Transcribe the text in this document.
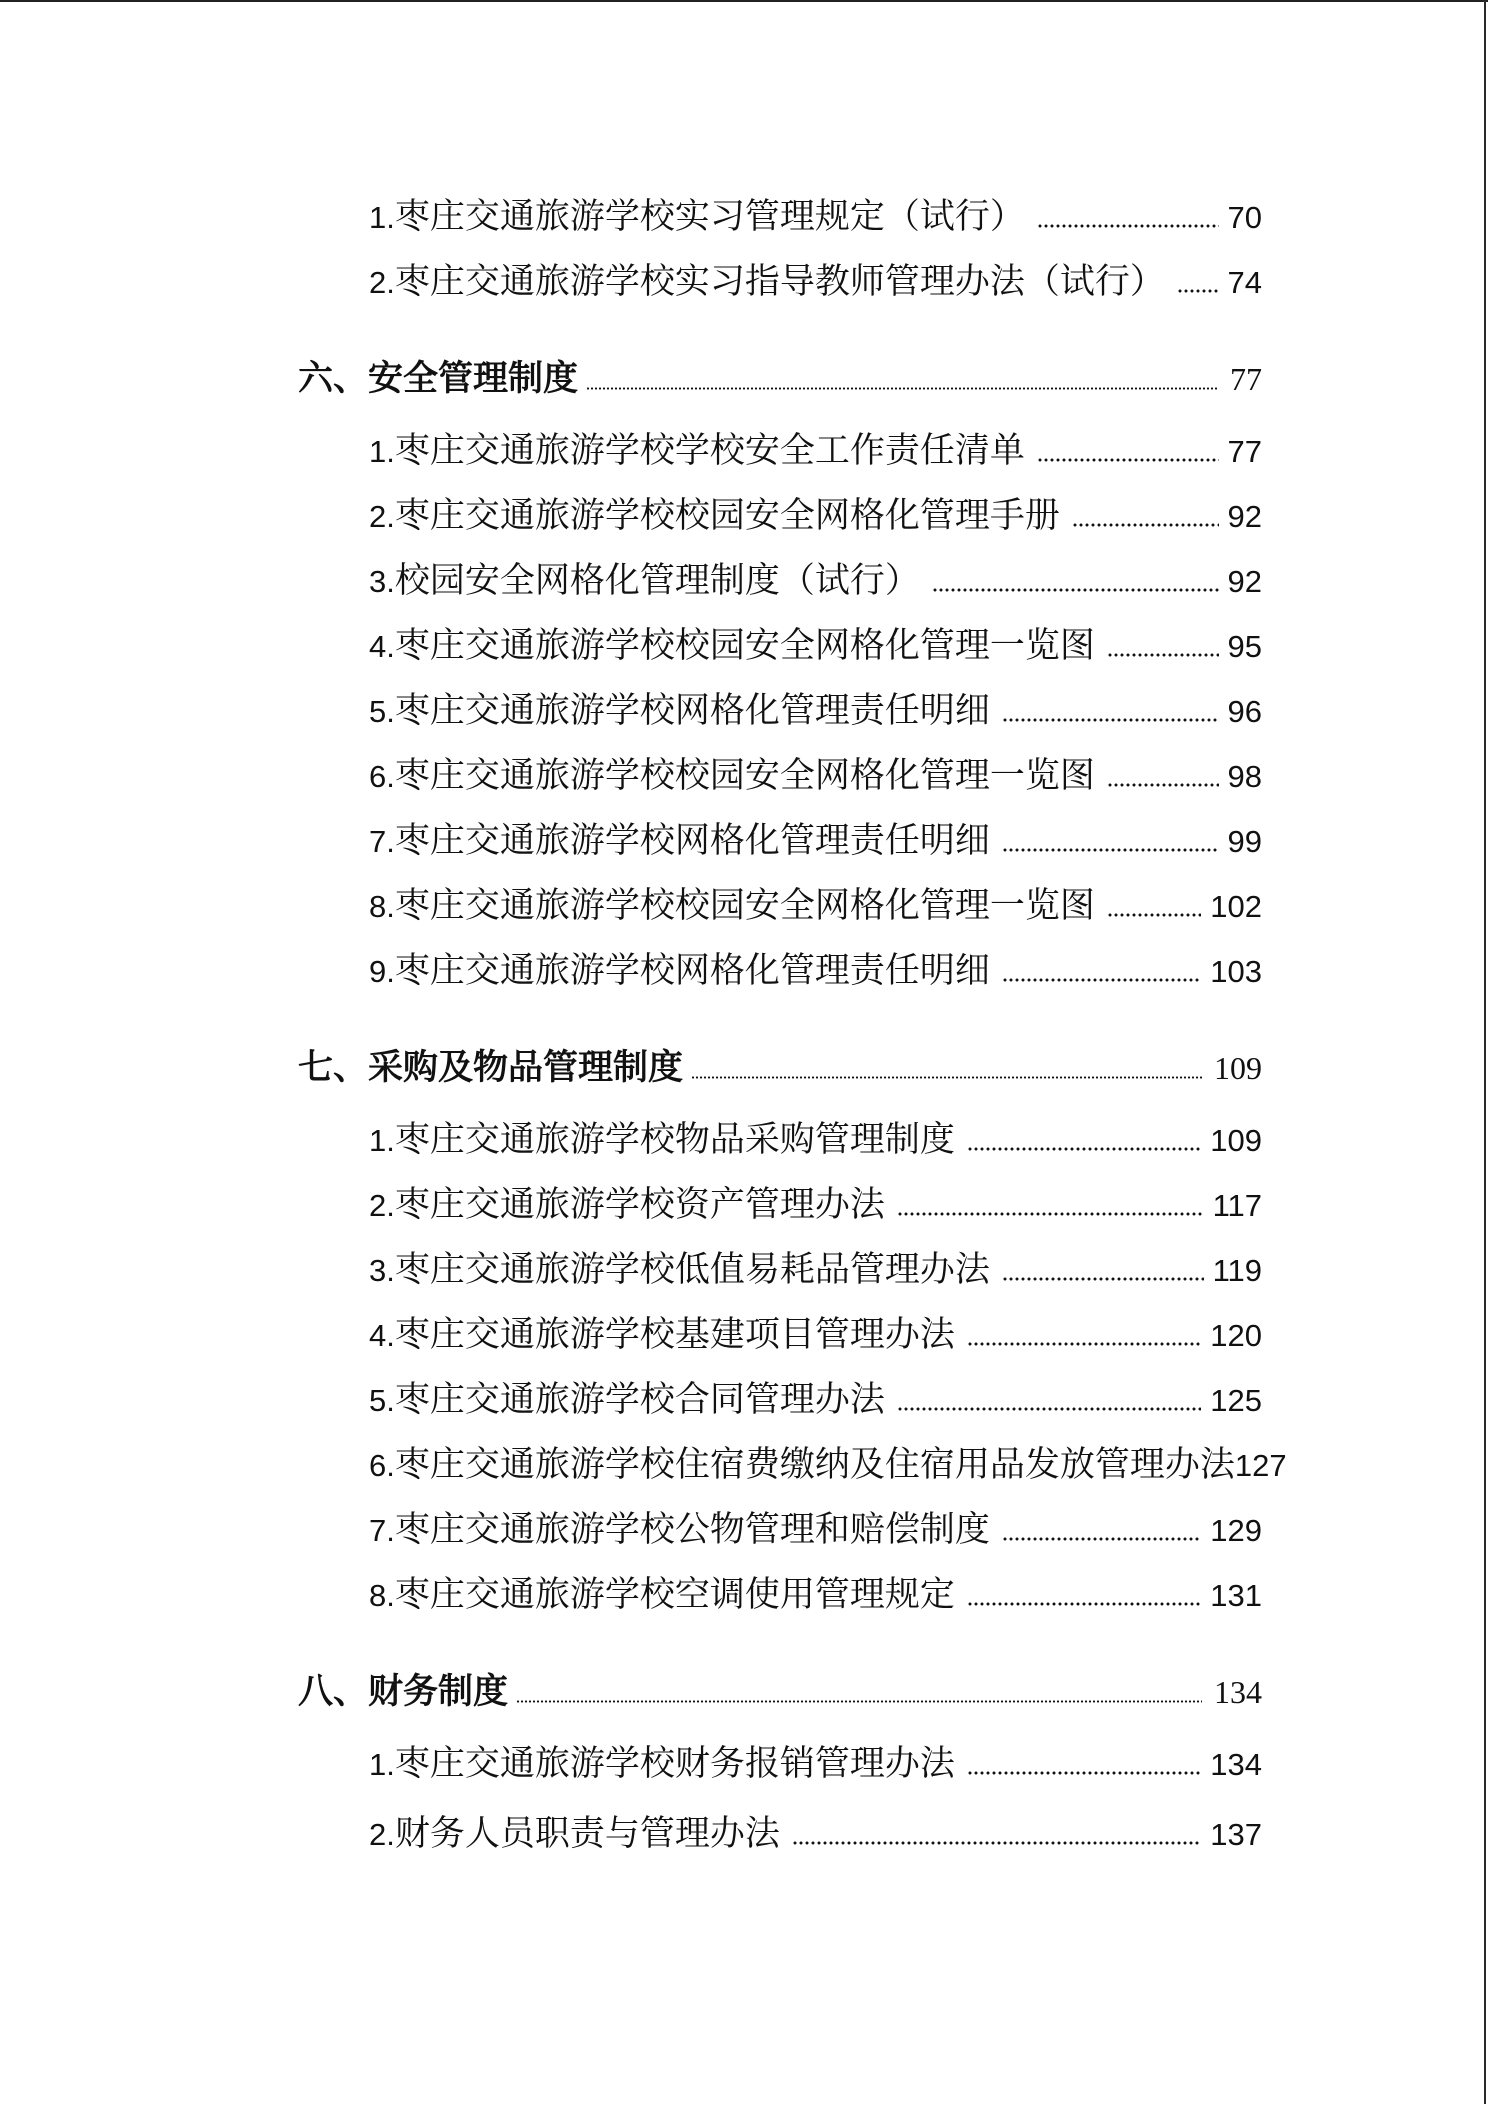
1. 枣庄交通旅游学校实习管理规定（试行）	70
2. 枣庄交通旅游学校实习指导教师管理办法（试行） 74
六、安全管理制度	77
1. 枣庄交通旅游学校学校安全工作责任清单	77
2. 枣庄交通旅游学校校园安全网格化管理手册	92
3. 校园安全网格化管理制度（试行）	92
4. 枣庄交通旅游学校校园安全网格化管理一览图	95
5. 枣庄交通旅游学校网格化管理责任明细	96
6. 枣庄交通旅游学校校园安全网格化管理一览图	98
7. 枣庄交通旅游学校网格化管理责任明细	99
8. 枣庄交通旅游学校校园安全网格化管理一览图	102
9. 枣庄交通旅游学校网格化管理责任明细	103
七、采购及物品管理制度	109
1. 枣庄交通旅游学校物品采购管理制度	109
2. 枣庄交通旅游学校资产管理办法	117
3. 枣庄交通旅游学校低值易耗品管理办法	119
4. 枣庄交通旅游学校基建项目管理办法	120
5. 枣庄交通旅游学校合同管理办法	125
6. 枣庄交通旅游学校住宿费缴纳及住宿用品发放管理办法 127
7. 枣庄交通旅游学校公物管理和赔偿制度	129
8. 枣庄交通旅游学校空调使用管理规定	131
八、财务制度	134
1. 枣庄交通旅游学校财务报销管理办法	134
2. 财务人员职责与管理办法	137
